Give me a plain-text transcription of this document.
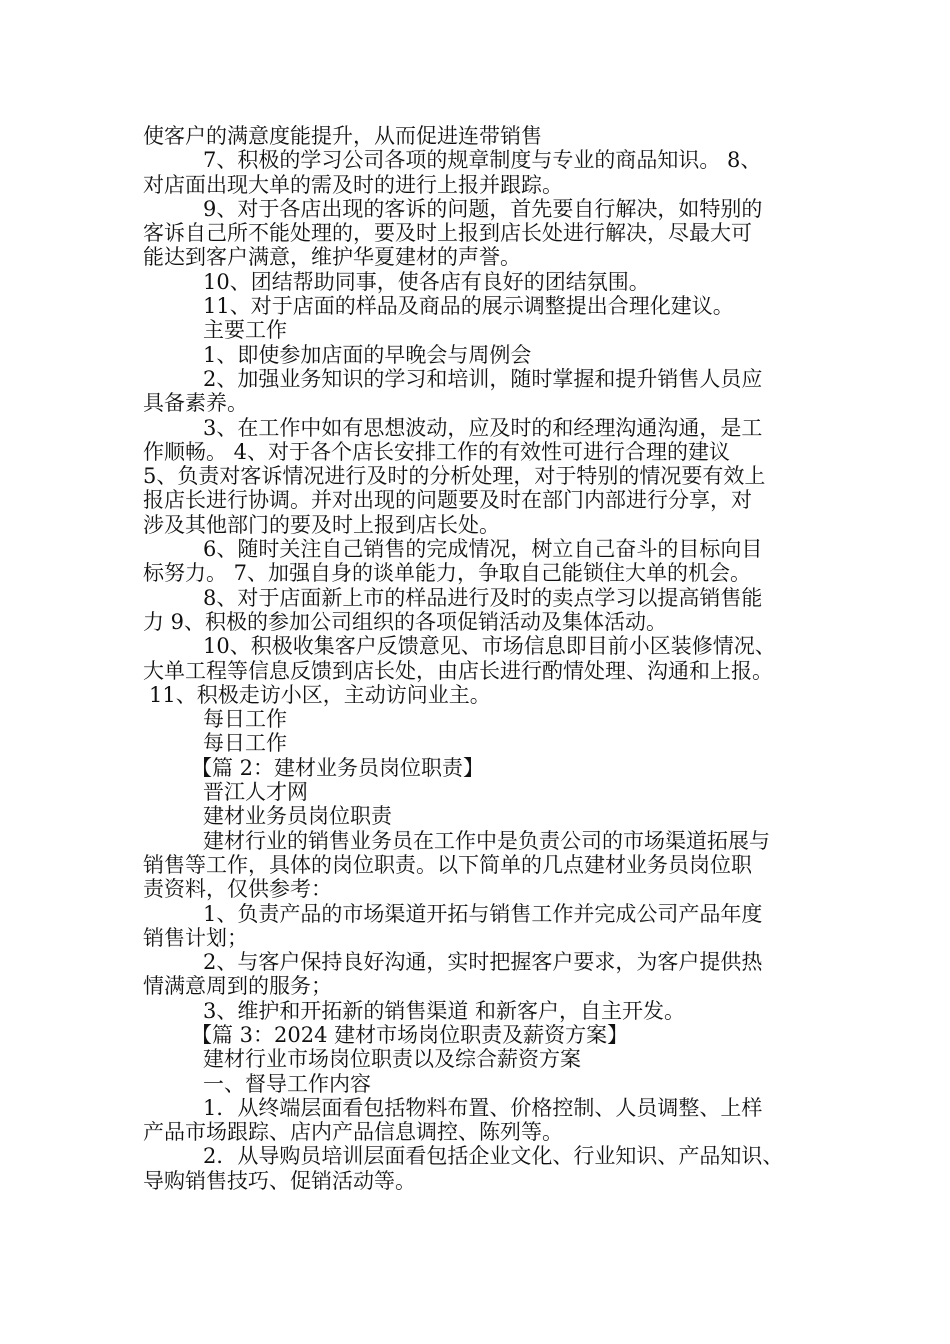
使客户的满意度能提升，从而促进连带销售
7、积极的学习公司各项的规章制度与专业的商品知识。 8、
对店面出现大单的需及时的进行上报并跟踪。
9、对于各店出现的客诉的问题，首先要自行解决，如特别的
客诉自己所不能处理的，要及时上报到店长处进行解决，尽最大可
能达到客户满意，维护华夏建材的声誉。
10、团结帮助同事，使各店有良好的团结氛围。
11、对于店面的样品及商品的展示调整提出合理化建议。
主要工作
1、即使参加店面的早晚会与周例会
2、加强业务知识的学习和培训，随时掌握和提升销售人员应
具备素养。
3、在工作中如有思想波动，应及时的和经理沟通沟通，是工
作顺畅。 4、对于各个店长安排工作的有效性可进行合理的建议
5、负责对客诉情况进行及时的分析处理，对于特别的情况要有效上
报店长进行协调。并对出现的问题要及时在部门内部进行分享，对
涉及其他部门的要及时上报到店长处。
6、随时关注自己销售的完成情况，树立自己奋斗的目标向目
标努力。 7、加强自身的谈单能力，争取自己能锁住大单的机会。
8、对于店面新上市的样品进行及时的卖点学习以提高销售能
力 9、积极的参加公司组织的各项促销活动及集体活动。
10、积极收集客户反馈意见、市场信息即目前小区装修情况、
大单工程等信息反馈到店长处，由店长进行酌情处理、沟通和上报。
11、积极走访小区，主动访问业主。
每日工作
每日工作
【篇 2：建材业务员岗位职责】
晋江人才网
建材业务员岗位职责
建材行业的销售业务员在工作中是负责公司的市场渠道拓展与
销售等工作，具体的岗位职责。以下简单的几点建材业务员岗位职
责资料，仅供参考：
1、负责产品的市场渠道开拓与销售工作并完成公司产品年度
销售计划；
2、与客户保持良好沟通，实时把握客户要求，为客户提供热
情满意周到的服务；
3、维护和开拓新的销售渠道 和新客户，自主开发。
【篇 3：2024 建材市场岗位职责及薪资方案】
建材行业市场岗位职责以及综合薪资方案
一、督导工作内容
1．从终端层面看包括物料布置、价格控制、人员调整、上样
产品市场跟踪、店内产品信息调控、陈列等。
2．从导购员培训层面看包括企业文化、行业知识、产品知识、
导购销售技巧、促销活动等。
